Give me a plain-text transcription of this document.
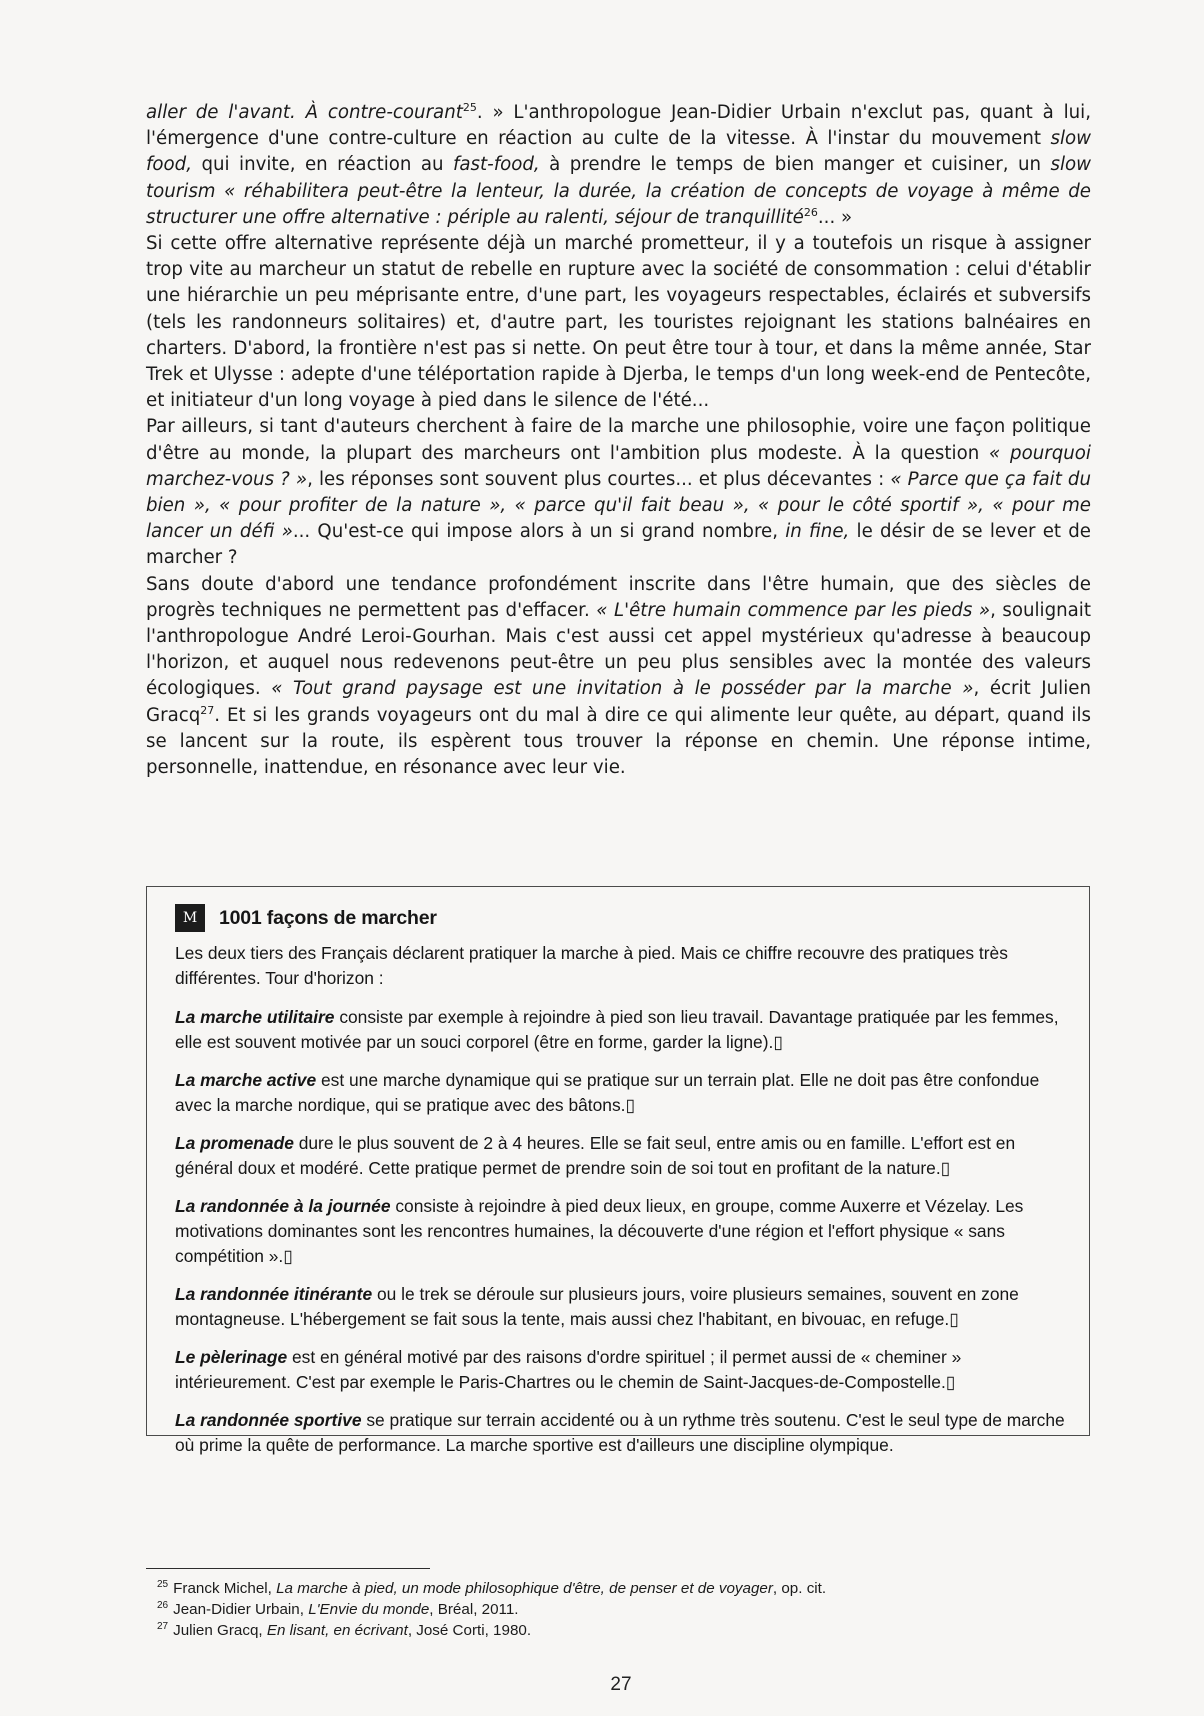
aller de l'avant. À contre-courant$^{25}$. » L'anthropologue Jean-Didier Urbain n'exclut pas, quant à lui, l'émergence d'une contre-culture en réaction au culte de la vitesse. À l'instar du mouvement slow food, qui invite, en réaction au fast-food, à prendre le temps de bien manger et cuisiner, un slow tourism « réhabilitera peut-être la lenteur, la durée, la création de concepts de voyage à même de structurer une offre alternative : périple au ralenti, séjour de tranquillité$^{26}$... »

Si cette offre alternative représente déjà un marché prometteur, il y a toutefois un risque à assigner trop vite au marcheur un statut de rebelle en rupture avec la société de consommation : celui d'établir une hiérarchie un peu méprisante entre, d'une part, les voyageurs respectables, éclairés et subversifs (tels les randonneurs solitaires) et, d'autre part, les touristes rejoignant les stations balnéaires en charters. D'abord, la frontière n'est pas si nette. On peut être tour à tour, et dans la même année, Star Trek et Ulysse : adepte d'une téléportation rapide à Djerba, le temps d'un long week-end de Pentecôte, et initiateur d'un long voyage à pied dans le silence de l'été...

Par ailleurs, si tant d'auteurs cherchent à faire de la marche une philosophie, voire une façon politique d'être au monde, la plupart des marcheurs ont l'ambition plus modeste. À la question « pourquoi marchez-vous ? », les réponses sont souvent plus courtes... et plus décevantes : « Parce que ça fait du bien », « pour profiter de la nature », « parce qu'il fait beau », « pour le côté sportif », « pour me lancer un défi »... Qu'est-ce qui impose alors à un si grand nombre, in fine, le désir de se lever et de marcher ?

Sans doute d'abord une tendance profondément inscrite dans l'être humain, que des siècles de progrès techniques ne permettent pas d'effacer. « L'être humain commence par les pieds », soulignait l'anthropologue André Leroi-Gourhan. Mais c'est aussi cet appel mystérieux qu'adresse à beaucoup l'horizon, et auquel nous redevenons peut-être un peu plus sensibles avec la montée des valeurs écologiques. « Tout grand paysage est une invitation à le posséder par la marche », écrit Julien Gracq$^{27}$. Et si les grands voyageurs ont du mal à dire ce qui alimente leur quête, au départ, quand ils se lancent sur la route, ils espèrent tous trouver la réponse en chemin. Une réponse intime, personnelle, inattendue, en résonance avec leur vie.

M	1001 façons de marcher

Les deux tiers des Français déclarent pratiquer la marche à pied. Mais ce chiffre recouvre des pratiques très différentes. Tour d'horizon :

La marche utilitaire consiste par exemple à rejoindre à pied son lieu travail. Davantage pratiquée par les femmes, elle est souvent motivée par un souci corporel (être en forme, garder la ligne).▯

La marche active est une marche dynamique qui se pratique sur un terrain plat. Elle ne doit pas être confondue avec la marche nordique, qui se pratique avec des bâtons.▯

La promenade dure le plus souvent de 2 à 4 heures. Elle se fait seul, entre amis ou en famille. L'effort est en général doux et modéré. Cette pratique permet de prendre soin de soi tout en profitant de la nature.▯

La randonnée à la journée consiste à rejoindre à pied deux lieux, en groupe, comme Auxerre et Vézelay. Les motivations dominantes sont les rencontres humaines, la découverte d'une région et l'effort physique « sans compétition ».▯

La randonnée itinérante ou le trek se déroule sur plusieurs jours, voire plusieurs semaines, souvent en zone montagneuse. L'hébergement se fait sous la tente, mais aussi chez l'habitant, en bivouac, en refuge.▯

Le pèlerinage est en général motivé par des raisons d'ordre spirituel ; il permet aussi de « cheminer » intérieurement. C'est par exemple le Paris-Chartres ou le chemin de Saint-Jacques-de-Compostelle.▯

La randonnée sportive se pratique sur terrain accidenté ou à un rythme très soutenu. C'est le seul type de marche où prime la quête de performance. La marche sportive est d'ailleurs une discipline olympique.

$^{25}$ Franck Michel, La marche à pied, un mode philosophique d'être, de penser et de voyager, op. cit.

$^{26}$ Jean-Didier Urbain, L'Envie du monde, Bréal, 2011.

$^{27}$ Julien Gracq, En lisant, en écrivant, José Corti, 1980.

27
